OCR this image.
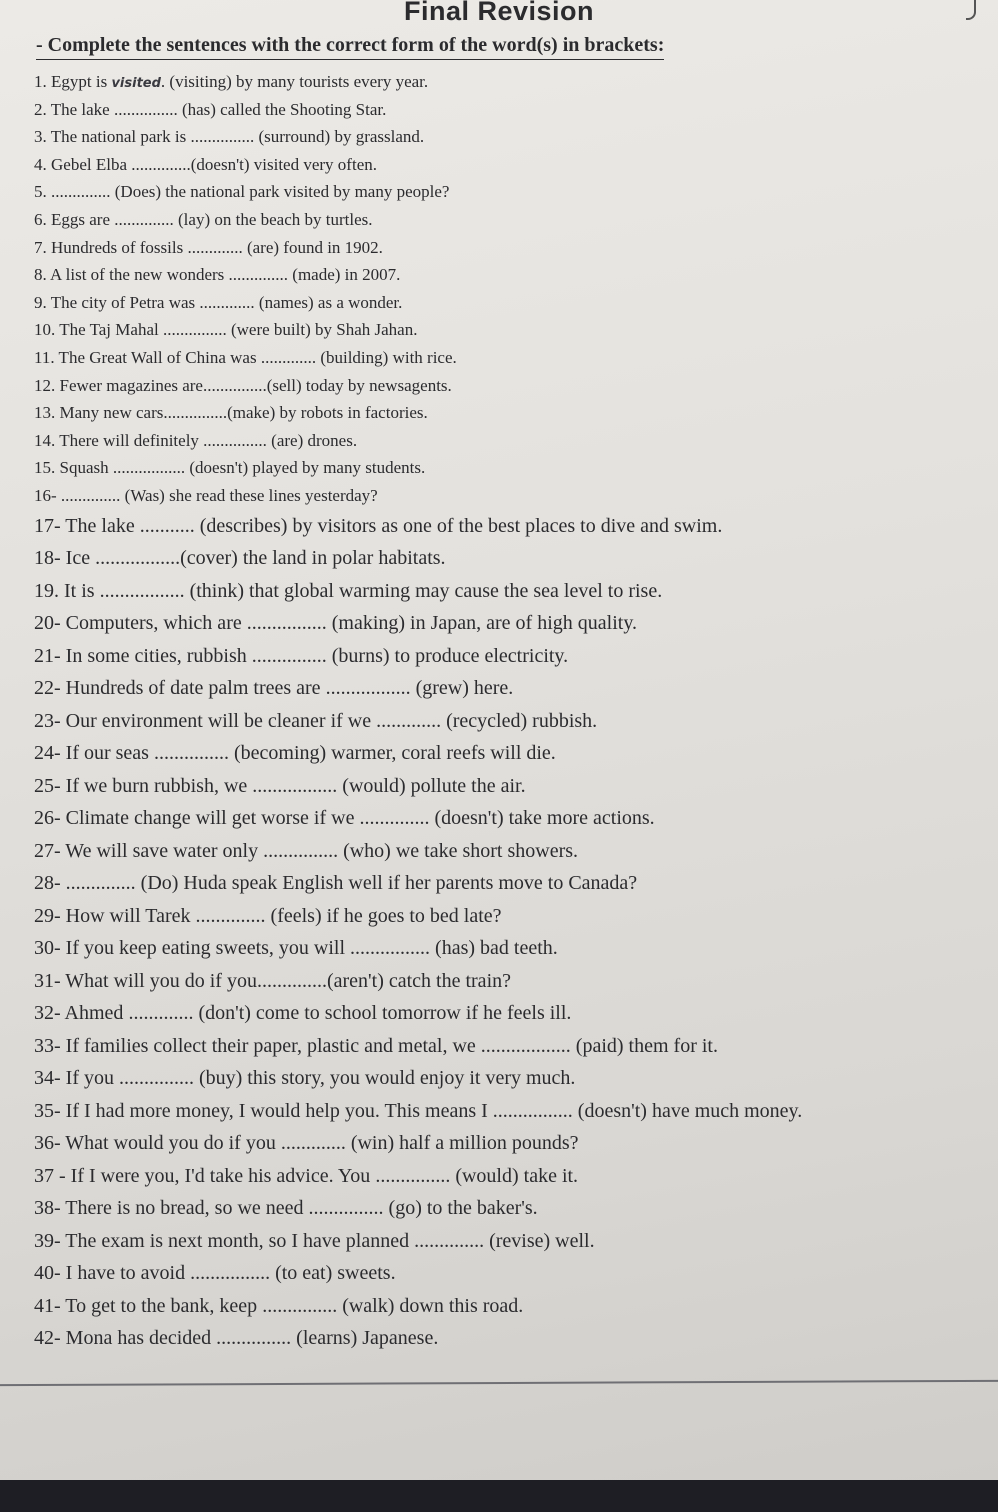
Final Revision

- Complete the sentences with the correct form of the word(s) in brackets:

1. Egypt is visited. (visiting) by many tourists every year.
2. The lake ............... (has) called the Shooting Star.
3. The national park is ............... (surround) by grassland.
4. Gebel Elba ..............(doesn't) visited very often.
5. .............. (Does) the national park visited by many people?
6. Eggs are .............. (lay) on the beach by turtles.
7. Hundreds of fossils ............. (are) found in 1902.
8. A list of the new wonders .............. (made) in 2007.
9. The city of Petra was ............. (names) as a wonder.
10. The Taj Mahal ............... (were built) by Shah Jahan.
11. The Great Wall of China was ............. (building) with rice.
12. Fewer magazines are...............(sell) today by newsagents.
13. Many new cars...............(make) by robots in factories.
14. There will definitely ............... (are) drones.
15. Squash ................. (doesn't) played by many students.
16- .............. (Was) she read these lines yesterday?
17- The lake ........... (describes) by visitors as one of the best places to dive and swim.
18- Ice .................(cover) the land in polar habitats.
19. It is ................. (think) that global warming may cause the sea level to rise.
20- Computers, which are ................ (making) in Japan, are of high quality.
21- In some cities, rubbish ............... (burns) to produce electricity.
22- Hundreds of date palm trees are ................. (grew) here.
23- Our environment will be cleaner if we ............. (recycled) rubbish.
24- If our seas ............... (becoming) warmer, coral reefs will die.
25- If we burn rubbish, we ................. (would) pollute the air.
26- Climate change will get worse if we .............. (doesn't) take more actions.
27- We will save water only ............... (who) we take short showers.
28- .............. (Do) Huda speak English well if her parents move to Canada?
29- How will Tarek .............. (feels) if he goes to bed late?
30- If you keep eating sweets, you will ................ (has) bad teeth.
31- What will you do if you..............(aren't) catch the train?
32- Ahmed ............. (don't) come to school tomorrow if he feels ill.
33- If families collect their paper, plastic and metal, we .................. (paid) them for it.
34- If you ............... (buy) this story, you would enjoy it very much.
35- If I had more money, I would help you. This means I ................ (doesn't) have much money.
36- What would you do if you ............. (win) half a million pounds?
37 - If I were you, I'd take his advice. You ............... (would) take it.
38- There is no bread, so we need ............... (go) to the baker's.
39- The exam is next month, so I have planned .............. (revise) well.
40- I have to avoid ................ (to eat) sweets.
41- To get to the bank, keep ............... (walk) down this road.
42- Mona has decided ............... (learns) Japanese.
